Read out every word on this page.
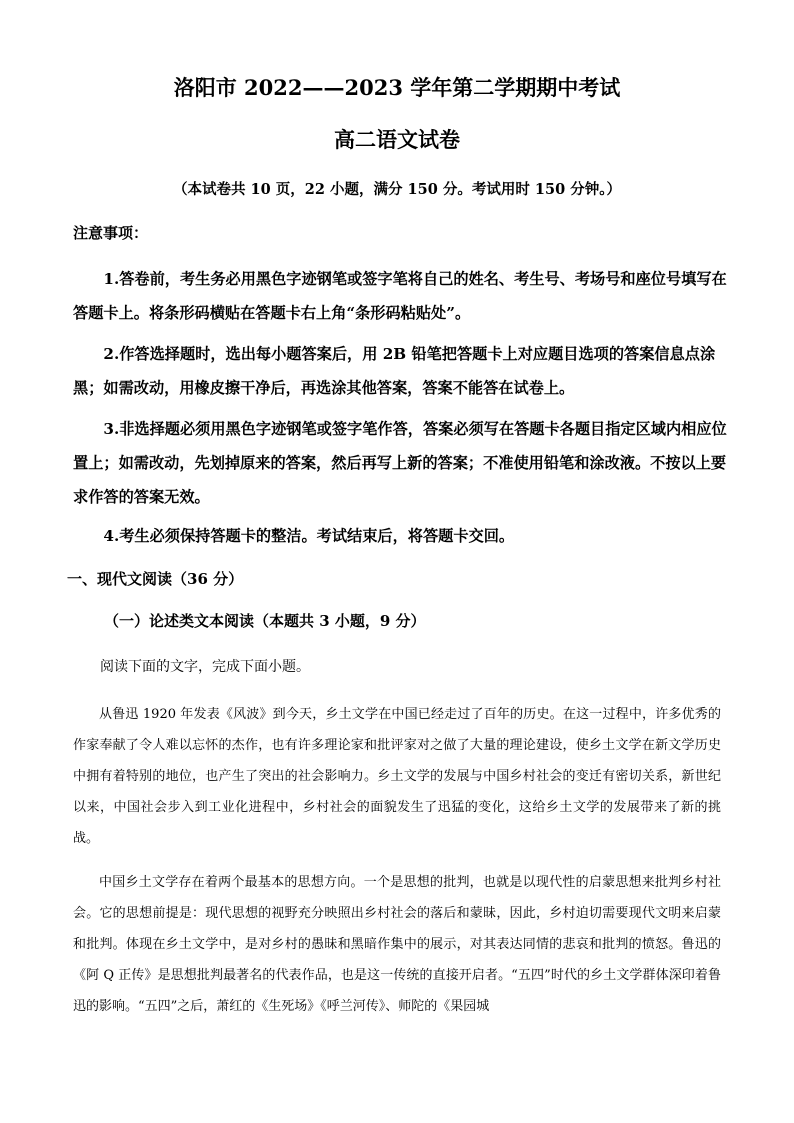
洛阳市 2022——2023 学年第二学期期中考试
高二语文试卷
（本试卷共 10 页，22 小题，满分 150 分。考试用时 150 分钟。）
注意事项：
1.答卷前，考生务必用黑色字迹钢笔或签字笔将自己的姓名、考生号、考场号和座位号填写在答题卡上。将条形码横贴在答题卡右上角“条形码粘贴处”。
2.作答选择题时，选出每小题答案后，用 2B 铅笔把答题卡上对应题目选项的答案信息点涂黑；如需改动，用橡皮擦干净后，再选涂其他答案，答案不能答在试卷上。
3.非选择题必须用黑色字迹钢笔或签字笔作答，答案必须写在答题卡各题目指定区域内相应位置上；如需改动，先划掉原来的答案，然后再写上新的答案；不准使用铅笔和涂改液。不按以上要求作答的答案无效。
4.考生必须保持答题卡的整洁。考试结束后，将答题卡交回。
一、现代文阅读（36 分）
（一）论述类文本阅读（本题共 3 小题，9 分）
阅读下面的文字，完成下面小题。
从鲁迅 1920 年发表《风波》到今天，乡土文学在中国已经走过了百年的历史。在这一过程中，许多优秀的作家奉献了令人难以忘怀的杰作，也有许多理论家和批评家对之做了大量的理论建设，使乡土文学在新文学历史中拥有着特别的地位，也产生了突出的社会影响力。乡土文学的发展与中国乡村社会的变迁有密切关系，新世纪以来，中国社会步入到工业化进程中，乡村社会的面貌发生了迅猛的变化，这给乡土文学的发展带来了新的挑战。
中国乡土文学存在着两个最基本的思想方向。一个是思想的批判，也就是以现代性的启蒙思想来批判乡村社会。它的思想前提是：现代思想的视野充分映照出乡村社会的落后和蒙昧，因此，乡村迫切需要现代文明来启蒙和批判。体现在乡土文学中，是对乡村的愚昧和黑暗作集中的展示，对其表达同情的悲哀和批判的愤怒。鲁迅的《阿 Q 正传》是思想批判最著名的代表作品，也是这一传统的直接开启者。“五四”时代的乡土文学群体深印着鲁迅的影响。“五四”之后，萧红的《生死场》《呼兰河传》、师陀的《果园城
